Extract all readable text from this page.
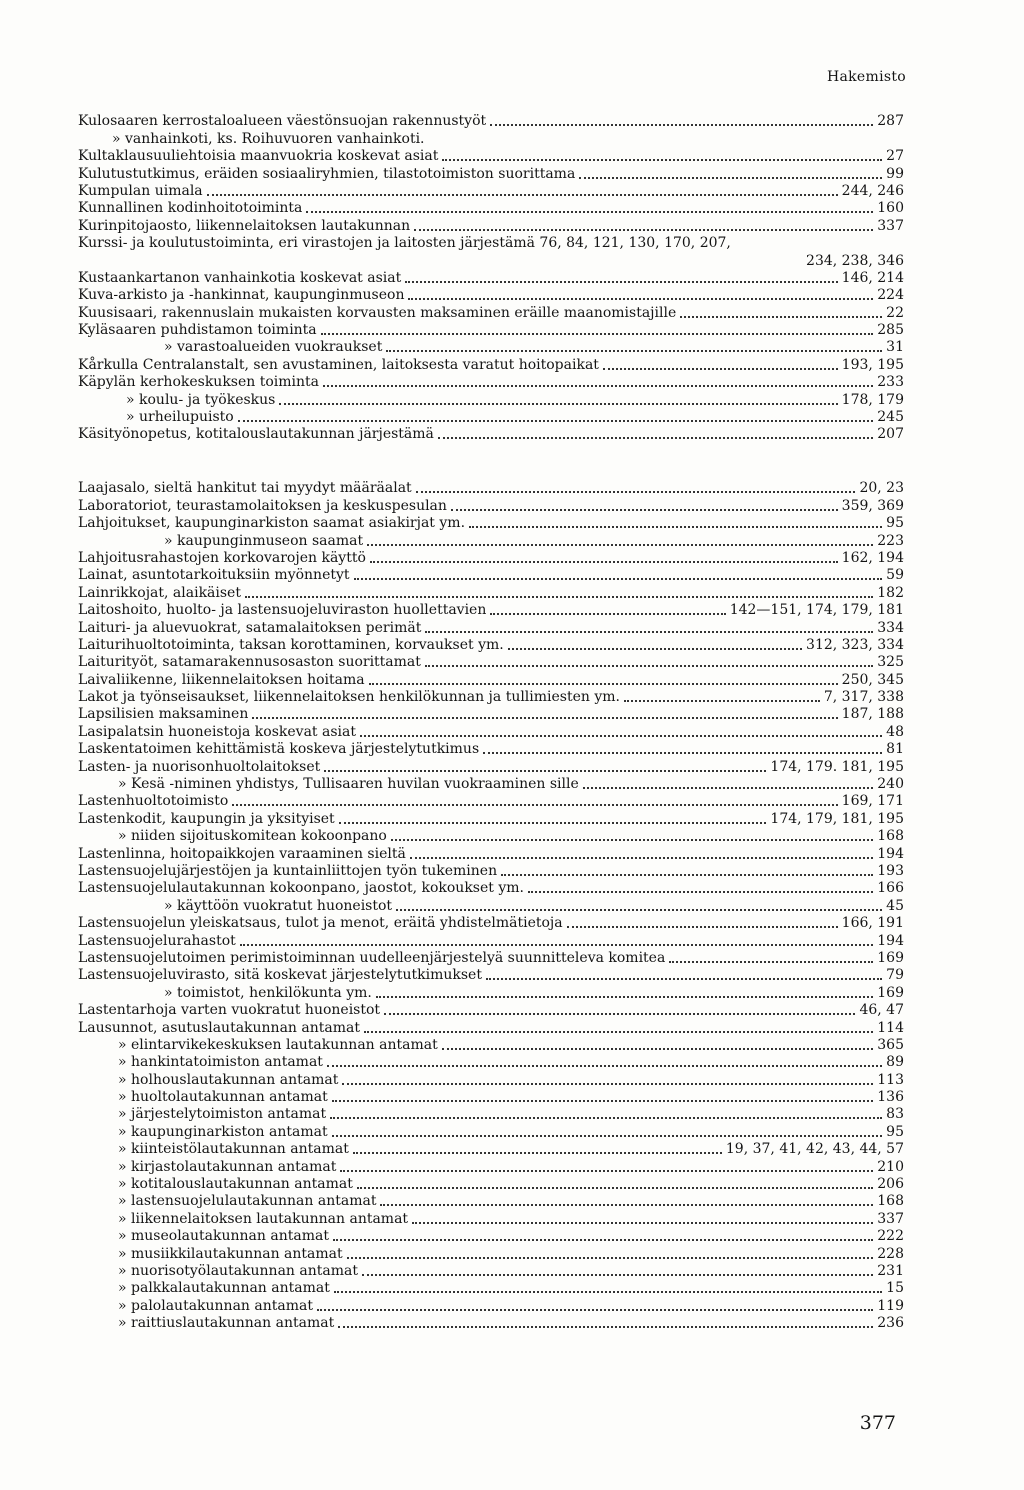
Hakemisto
Kulosaaren kerrostaloalueen väestönsuojan rakennustyöt	287
» vanhainkoti, ks. Roihuvuoren vanhainkoti.
Kultaklausuuliehtoisia maanvuokria koskevat asiat	27
Kulutustutkimus, eräiden sosiaaliryhmien, tilastotoimiston suorittama	99
Kumpulan uimala	244, 246
Kunnallinen kodinhoitotoiminta	160
Kurinpitojaosto, liikennelaitoksen lautakunnan	337
Kurssi- ja koulutustoiminta, eri virastojen ja laitosten järjestämä 76, 84, 121, 130, 170, 207,
234, 238, 346
Kustaankartanon vanhainkotia koskevat asiat	146, 214
Kuva-arkisto ja -hankinnat, kaupunginmuseon	224
Kuusisaari, rakennuslain mukaisten korvausten maksaminen eräille maanomistajille	22
Kyläsaaren puhdistamon toiminta	285
» varastoalueiden vuokraukset	31
Kårkulla Centralanstalt, sen avustaminen, laitoksesta varatut hoitopaikat	193, 195
Käpylän kerhokeskuksen toiminta	233
» koulu- ja työkeskus	178, 179
» urheilupuisto	245
Käsityönopetus, kotitalouslautakunnan järjestämä	207
Laajasalo, sieltä hankitut tai myydyt määräalat	20, 23
Laboratoriot, teurastamolaitoksen ja keskuspesulan	359, 369
Lahjoitukset, kaupunginarkiston saamat asiakirjat ym.	95
» kaupunginmuseon saamat	223
Lahjoitusrahastojen korkovarojen käyttö	162, 194
Lainat, asuntotarkoituksiin myönnetyt	59
Lainrikkojat, alaikäiset	182
Laitoshoito, huolto- ja lastensuojeluviraston huollettavien	142—151, 174, 179, 181
Laituri- ja aluevuokrat, satamalaitoksen perimät	334
Laiturihuoltotoiminta, taksan korottaminen, korvaukset ym.	312, 323, 334
Laiturityöt, satamarakennusosaston suorittamat	325
Laivaliikenne, liikennelaitoksen hoitama	250, 345
Lakot ja työnseisaukset, liikennelaitoksen henkilökunnan ja tullimiesten ym.	7, 317, 338
Lapsilisien maksaminen	187, 188
Lasipalatsin huoneistoja koskevat asiat	48
Laskentatoimen kehittämistä koskeva järjestelytutkimus	81
Lasten- ja nuorisonhuoltolaitokset	174, 179. 181, 195
» Kesä -niminen yhdistys, Tullisaaren huvilan vuokraaminen sille	240
Lastenhuoltotoimisto	169, 171
Lastenkodit, kaupungin ja yksityiset	174, 179, 181, 195
» niiden sijoituskomitean kokoonpano	168
Lastenlinna, hoitopaikkojen varaaminen sieltä	194
Lastensuojelujärjestöjen ja kuntainliittojen työn tukeminen	193
Lastensuojelulautakunnan kokoonpano, jaostot, kokoukset ym.	166
» käyttöön vuokratut huoneistot	45
Lastensuojelun yleiskatsaus, tulot ja menot, eräitä yhdistelmätietoja	166, 191
Lastensuojelurahastot	194
Lastensuojelutoimen perimistoiminnan uudelleenjärjestelyä suunnitteleva komitea	169
Lastensuojeluvirasto, sitä koskevat järjestelytutkimukset	79
» toimistot, henkilökunta ym.	169
Lastentarhoja varten vuokratut huoneistot	46, 47
Lausunnot, asutuslautakunnan antamat	114
» elintarvikekeskuksen lautakunnan antamat	365
» hankintatoimiston antamat	89
» holhouslautakunnan antamat	113
» huoltolautakunnan antamat	136
» järjestelytoimiston antamat	83
» kaupunginarkiston antamat	95
» kiinteistölautakunnan antamat	19, 37, 41, 42, 43, 44, 57
» kirjastolautakunnan antamat	210
» kotitalouslautakunnan antamat	206
» lastensuojelulautakunnan antamat	168
» liikennelaitoksen lautakunnan antamat	337
» museolautakunnan antamat	222
» musiikkilautakunnan antamat	228
» nuorisotyölautakunnan antamat	231
» palkkalautakunnan antamat	15
» palolautakunnan antamat	119
» raittiuslautakunnan antamat	236
377
